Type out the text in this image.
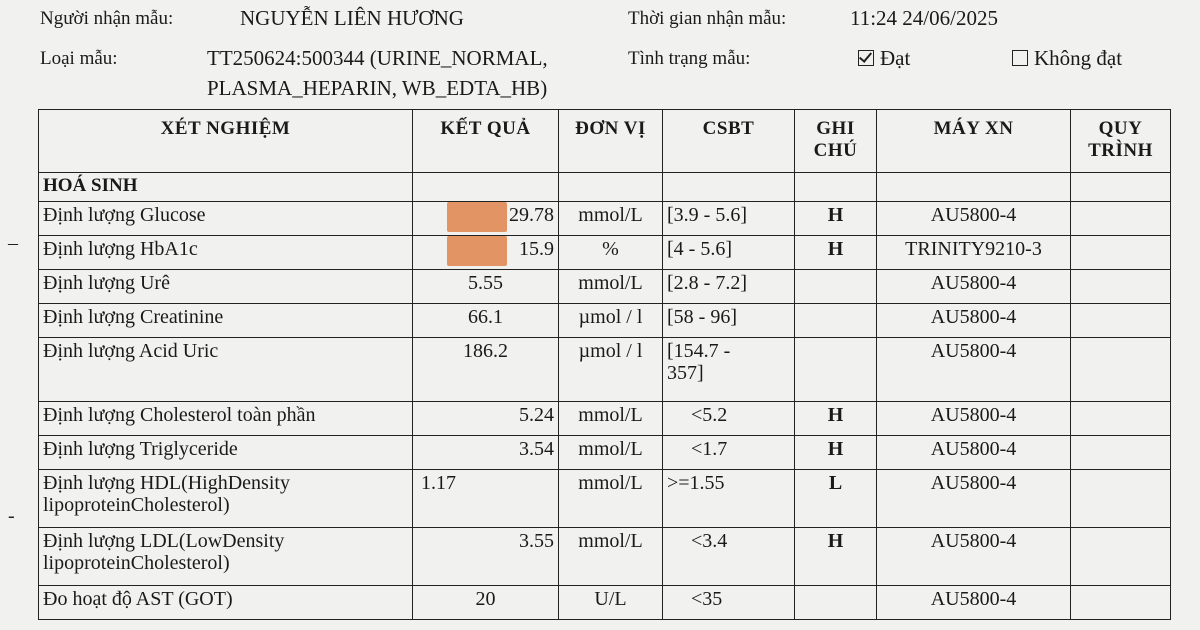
Người nhận mẫu:	NGUYỄN LIÊN HƯƠNG	Thời gian nhận mẫu:	11:24 24/06/2025
Loại mẫu:	TT250624:500344 (URINE_NORMAL,
PLASMA_HEPARIN, WB_EDTA_HB)
Tình trạng mẫu:	Đạt	Không đạt
–
-
XÉT NGHIỆM	KẾT QUẢ	ĐƠN VỊ	CSBT	GHI
CHÚ	MÁY XN	QUY
TRÌNH
HOÁ SINH						
Định lượng Glucose	29.78	mmol/L	[3.9 - 5.6]	H	AU5800-4	
Định lượng HbA1c	15.9	%	[4 - 5.6]	H	TRINITY9210-3	
Định lượng Urê	5.55	mmol/L	[2.8 - 7.2]		AU5800-4	
Định lượng Creatinine	66.1	µmol / l	[58 - 96]		AU5800-4	
Định lượng Acid Uric	186.2	µmol / l	[154.7 -
357]		AU5800-4	
Định lượng Cholesterol toàn phần	5.24	mmol/L	<5.2	H	AU5800-4	
Định lượng Triglyceride	3.54	mmol/L	<1.7	H	AU5800-4	
Định lượng HDL(HighDensity
lipoproteinCholesterol)	1.17	mmol/L	>=1.55	L	AU5800-4	
Định lượng LDL(LowDensity
lipoproteinCholesterol)	3.55	mmol/L	<3.4	H	AU5800-4	
Đo hoạt độ AST (GOT)	20	U/L	<35		AU5800-4	
